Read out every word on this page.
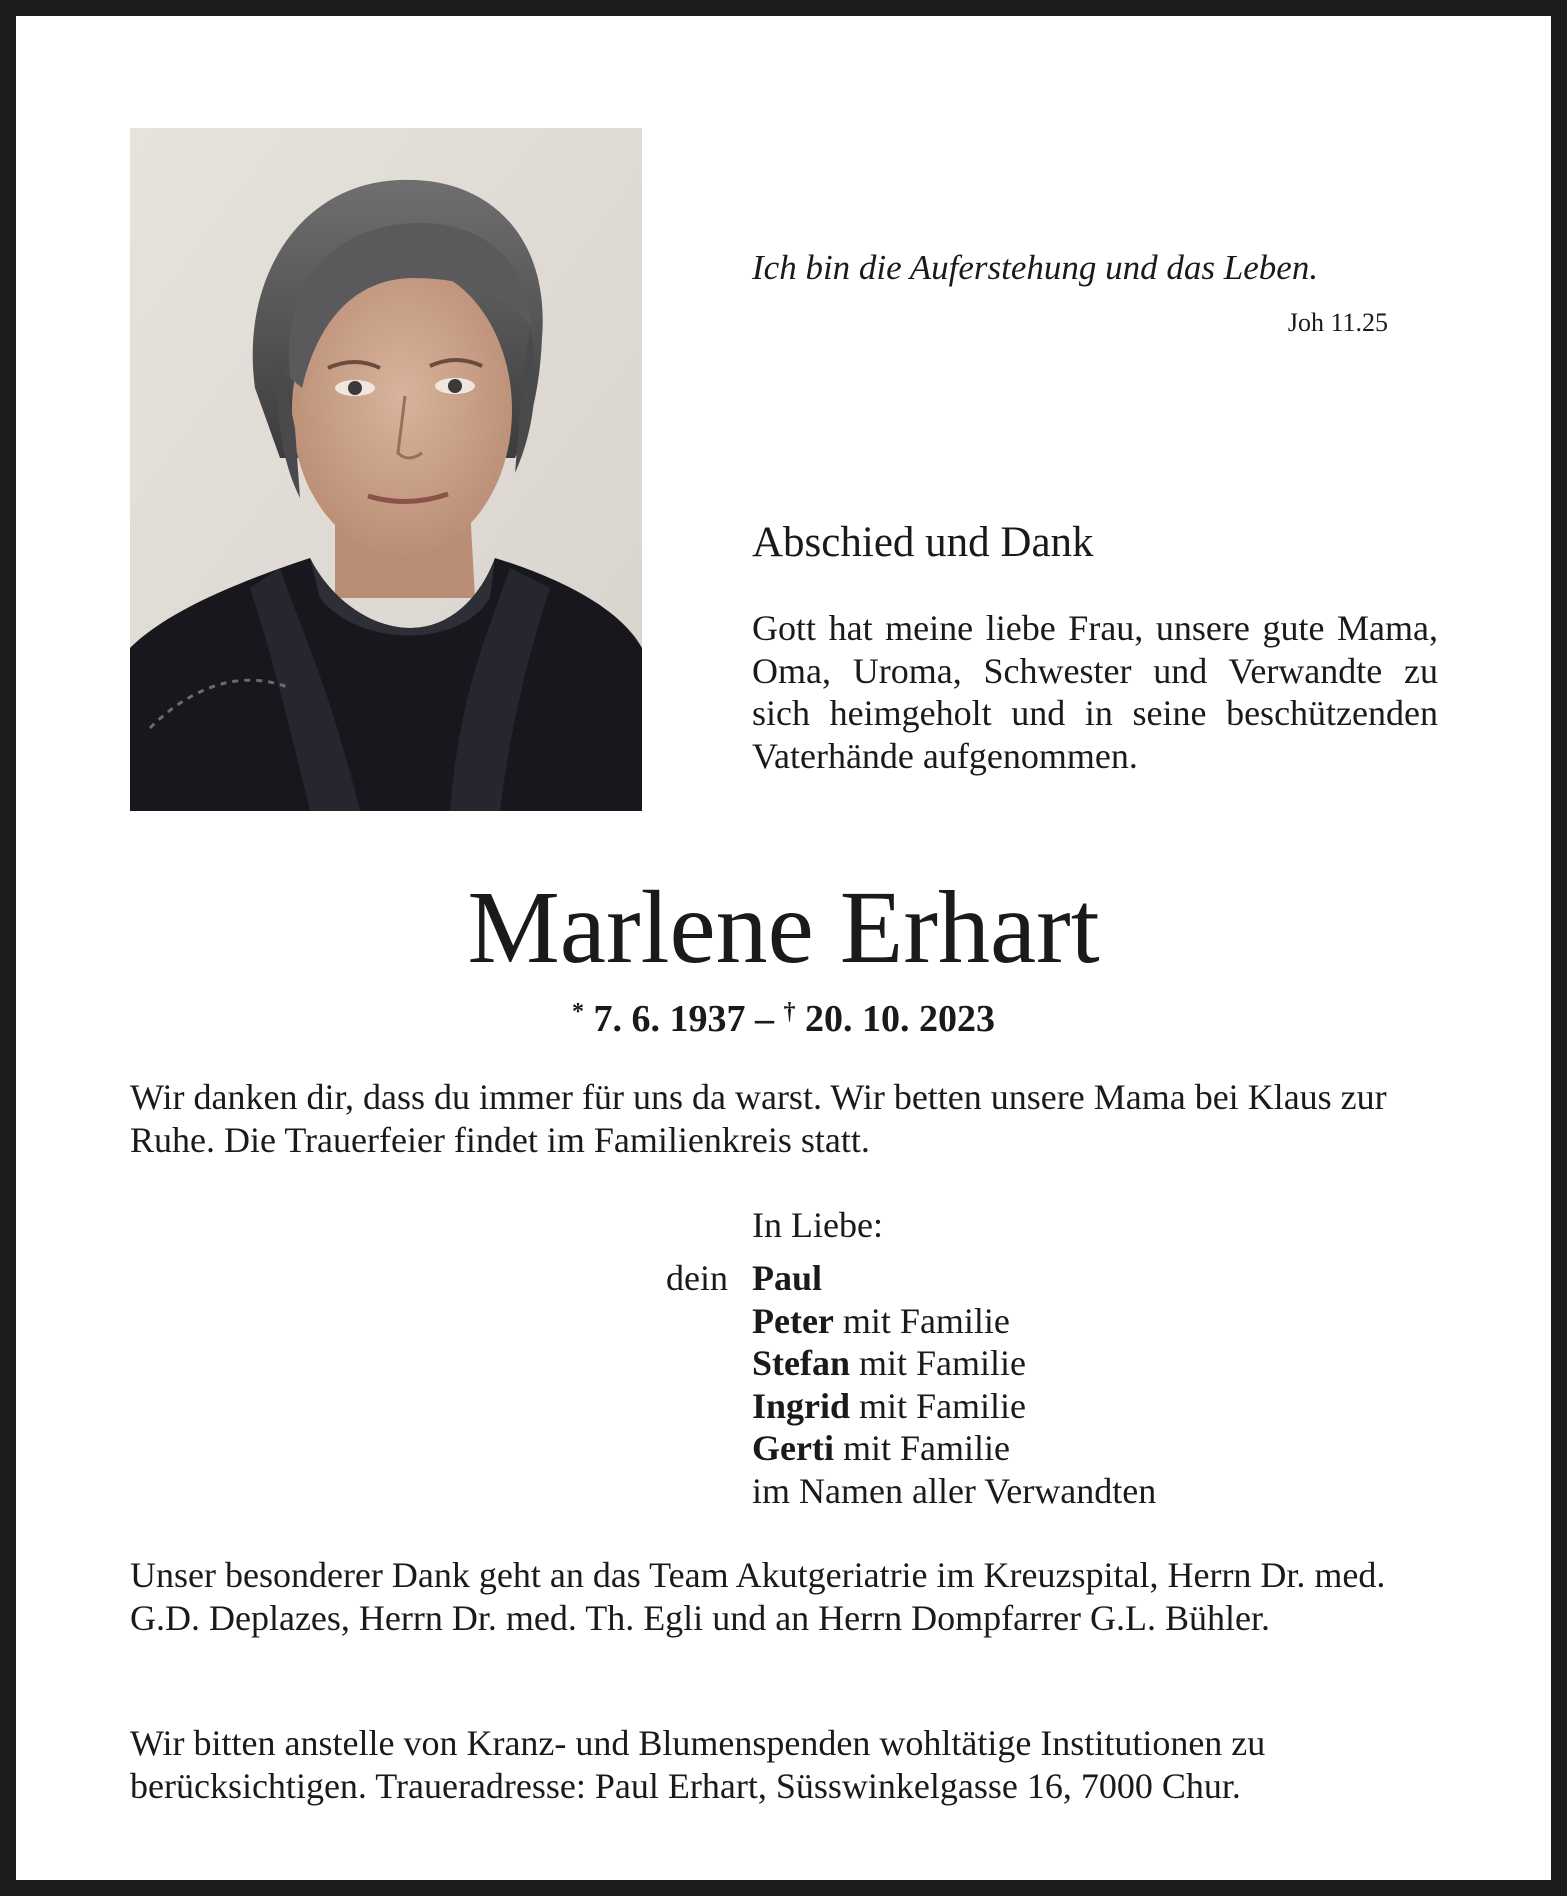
Ich bin die Auferstehung und das Leben.
Joh 11.25
Abschied und Dank
Gott hat meine liebe Frau, unsere gute Mama, Oma, Uroma, Schwester und Verwandte zu sich heimgeholt und in seine beschützenden Vaterhände aufgenommen.
Marlene Erhart
* 7. 6. 1937 – † 20. 10. 2023
Wir danken dir, dass du immer für uns da warst. Wir betten unsere Mama bei Klaus zur Ruhe. Die Trauerfeier findet im Familienkreis statt.
In Liebe:
dein Paul
Peter mit Familie
Stefan mit Familie
Ingrid mit Familie
Gerti mit Familie
im Namen aller Verwandten
Unser besonderer Dank geht an das Team Akutgeriatrie im Kreuzspital, Herrn Dr. med. G.D. Deplazes, Herrn Dr. med. Th. Egli und an Herrn Dompfarrer G.L. Bühler.
Wir bitten anstelle von Kranz- und Blumenspenden wohltätige Institutionen zu berücksichtigen. Traueradresse: Paul Erhart, Süsswinkelgasse 16, 7000 Chur.
